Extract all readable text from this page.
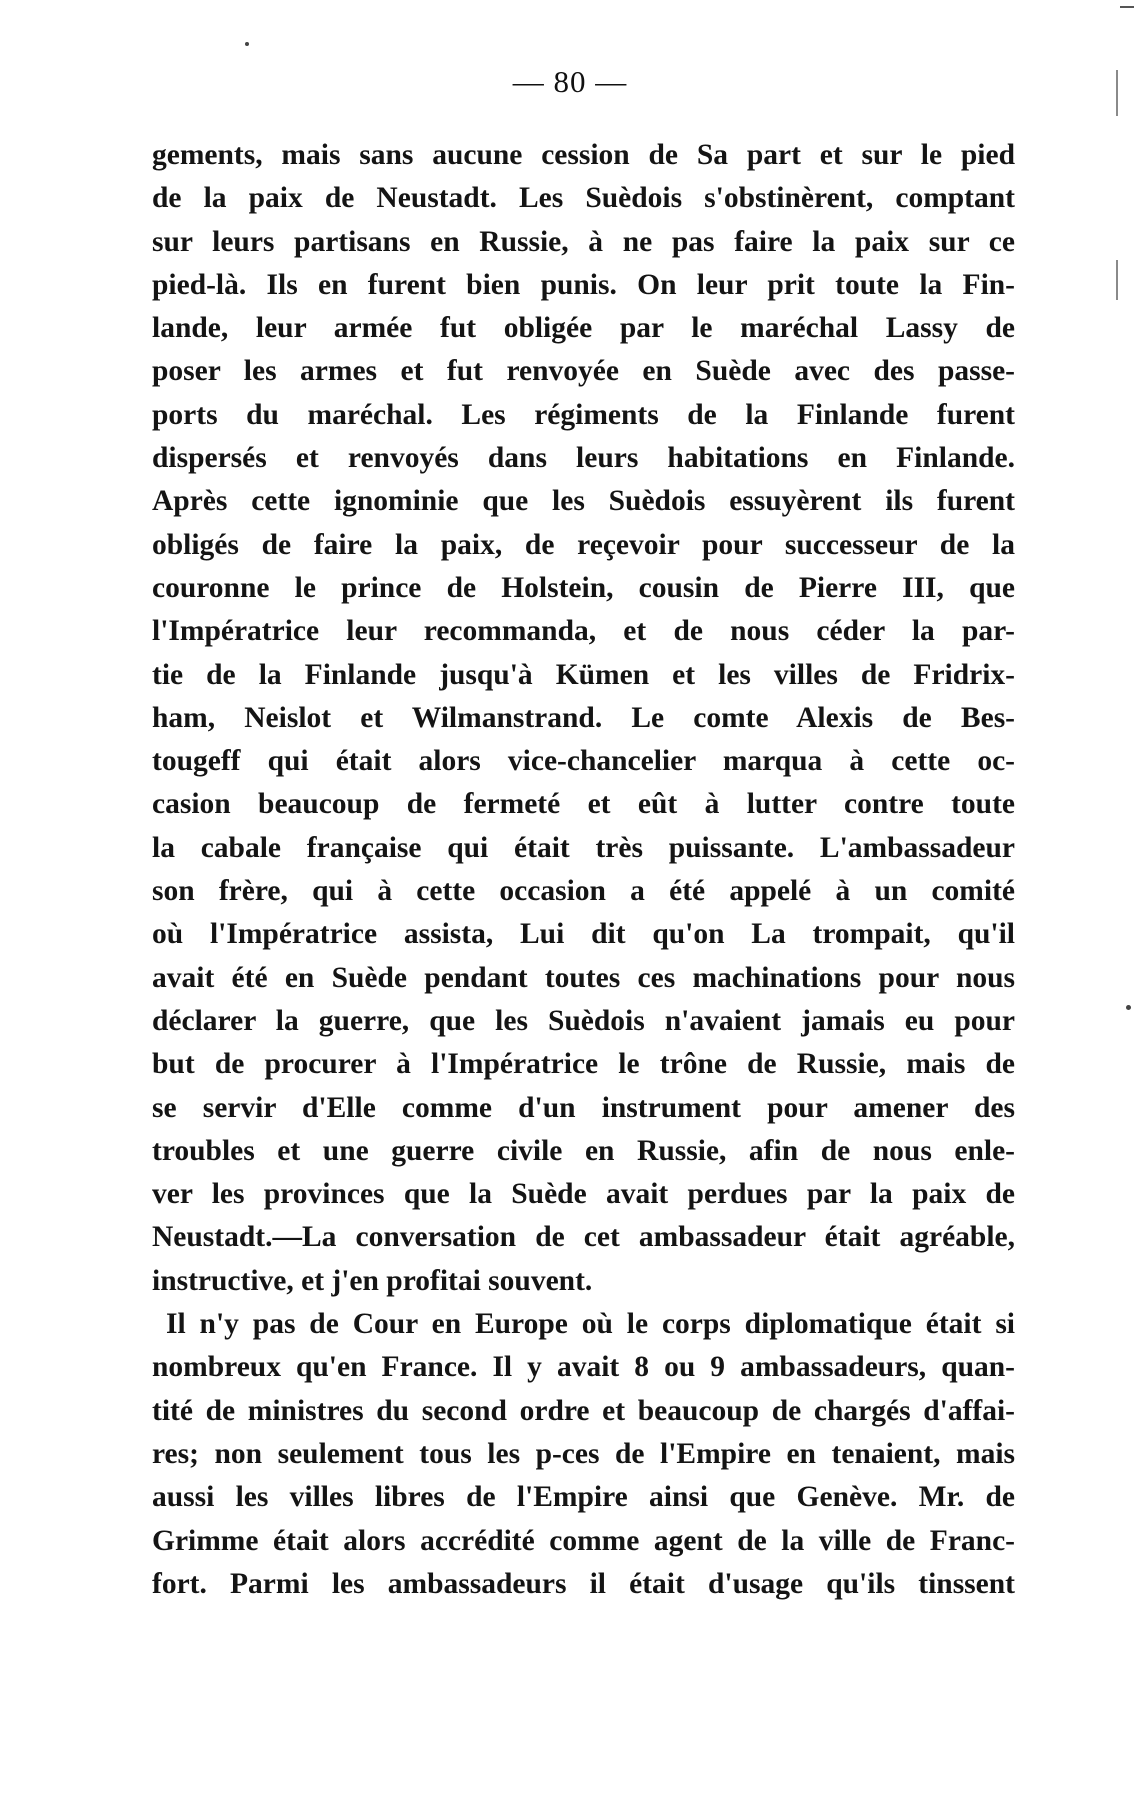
— 80 —
gements, mais sans aucune cession de Sa part et sur le pied
de la paix de Neustadt. Les Suèdois s'obstinèrent, comptant
sur leurs partisans en Russie, à ne pas faire la paix sur ce
pied-là. Ils en furent bien punis. On leur prit toute la Fin-
lande, leur armée fut obligée par le maréchal Lassy de
poser les armes et fut renvoyée en Suède avec des passe-
ports du maréchal. Les régiments de la Finlande furent
dispersés et renvoyés dans leurs habitations en Finlande.
Après cette ignominie que les Suèdois essuyèrent ils furent
obligés de faire la paix, de reçevoir pour successeur de la
couronne le prince de Holstein, cousin de Pierre III, que
l'Impératrice leur recommanda, et de nous céder la par-
tie de la Finlande jusqu'à Kümen et les villes de Fridrix-
ham, Neislot et Wilmanstrand. Le comte Alexis de Bes-
tougeff qui était alors vice-chancelier marqua à cette oc-
casion beaucoup de fermeté et eût à lutter contre toute
la cabale française qui était très puissante. L'ambassadeur
son frère, qui à cette occasion a été appelé à un comité
où l'Impératrice assista, Lui dit qu'on La trompait, qu'il
avait été en Suède pendant toutes ces machinations pour nous
déclarer la guerre, que les Suèdois n'avaient jamais eu pour
but de procurer à l'Impératrice le trône de Russie, mais de
se servir d'Elle comme d'un instrument pour amener des
troubles et une guerre civile en Russie, afin de nous enle-
ver les provinces que la Suède avait perdues par la paix de
Neustadt.—La conversation de cet ambassadeur était agréable,
instructive, et j'en profitai souvent.
Il n'y pas de Cour en Europe où le corps diplomatique était si
nombreux qu'en France. Il y avait 8 ou 9 ambassadeurs, quan-
tité de ministres du second ordre et beaucoup de chargés d'affai-
res; non seulement tous les p-ces de l'Empire en tenaient, mais
aussi les villes libres de l'Empire ainsi que Genève. Mr. de
Grimme était alors accrédité comme agent de la ville de Franc-
fort. Parmi les ambassadeurs il était d'usage qu'ils tinssent
